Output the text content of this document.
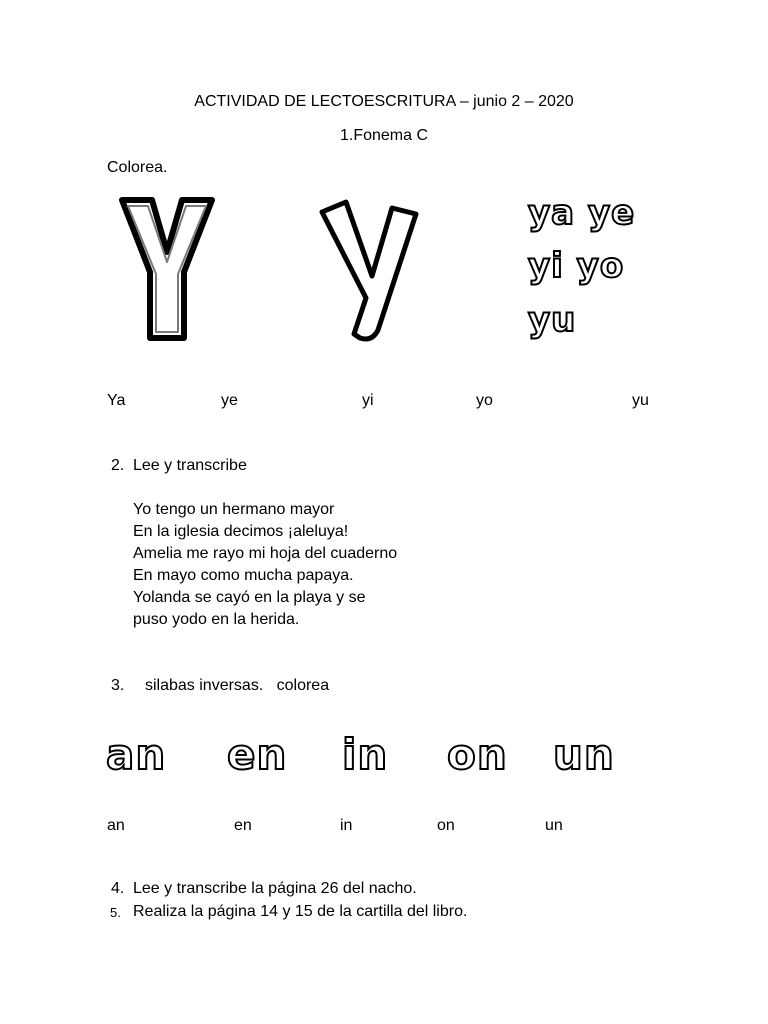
ACTIVIDAD DE LECTOESCRITURA – junio 2 – 2020
1.Fonema C
Colorea.
ya ye
yi yo
yu
Ya	ye	yi	yo	yu
2. Lee y transcribe
Yo tengo un hermano mayor
En la iglesia decimos ¡aleluya!
Amelia me rayo mi hoja del cuaderno
En mayo como mucha papaya.
Yolanda se cayó en la playa y se
puso yodo en la herida.
3. silabas inversas.   colorea
an en in on un
an	en	in	on	un
4. Lee y transcribe la página 26 del nacho.
5. Realiza la página 14 y 15 de la cartilla del libro.
